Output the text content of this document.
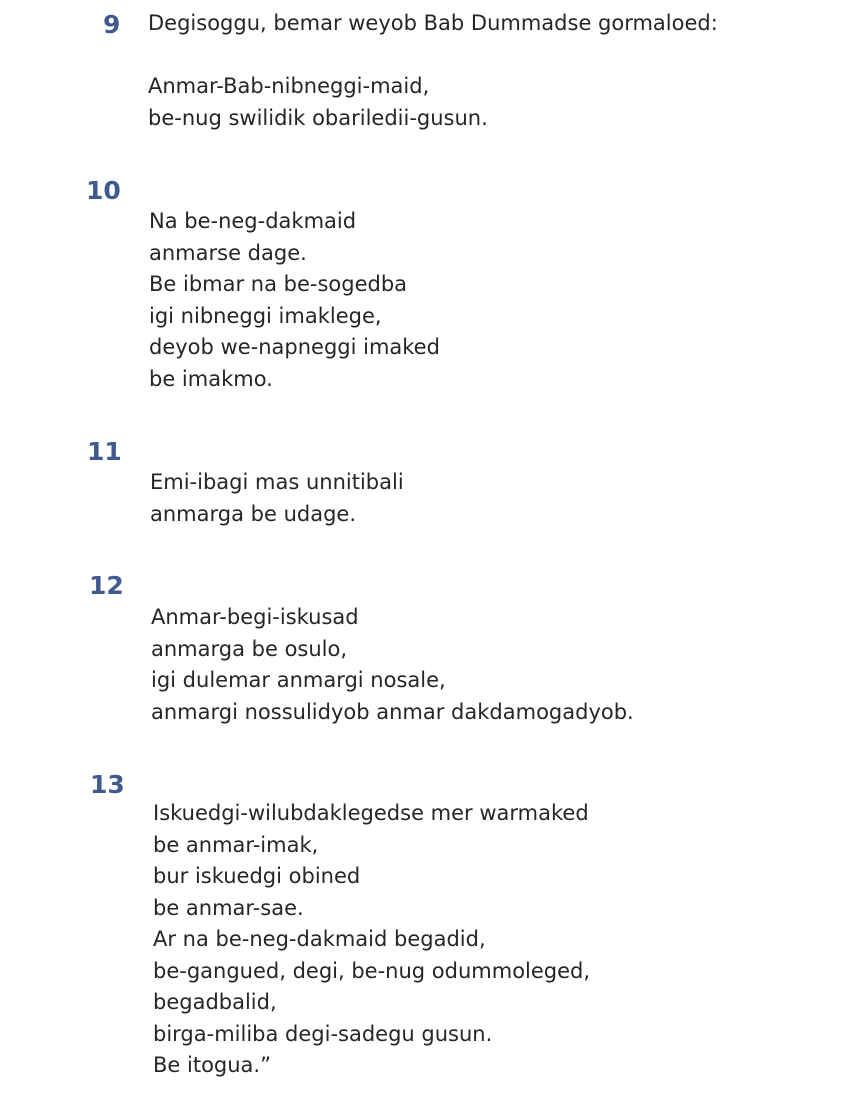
9 Degisoggu, bemar weyob Bab Dummadse gormaloed:
Anmar-Bab-nibneggi-maid,
be-nug swilidik obariledii-gusun.
10
Na be-neg-dakmaid
anmarse dage.
Be ibmar na be-sogedba
igi nibneggi imaklege,
deyob we-napneggi imaked
be imakmo.
11
Emi-ibagi mas unnitibali
anmarga be udage.
12
Anmar-begi-iskusad
anmarga be osulo,
igi dulemar anmargi nosale,
anmargi nossulidyob anmar dakdamogadyob.
13
Iskuedgi-wilubdaklegedse mer warmaked
be anmar-imak,
bur iskuedgi obined
be anmar-sae.
Ar na be-neg-dakmaid begadid,
be-gangued, degi, be-nug odummoleged,
begadbalid,
birga-miliba degi-sadegu gusun.
Be itogua.”
